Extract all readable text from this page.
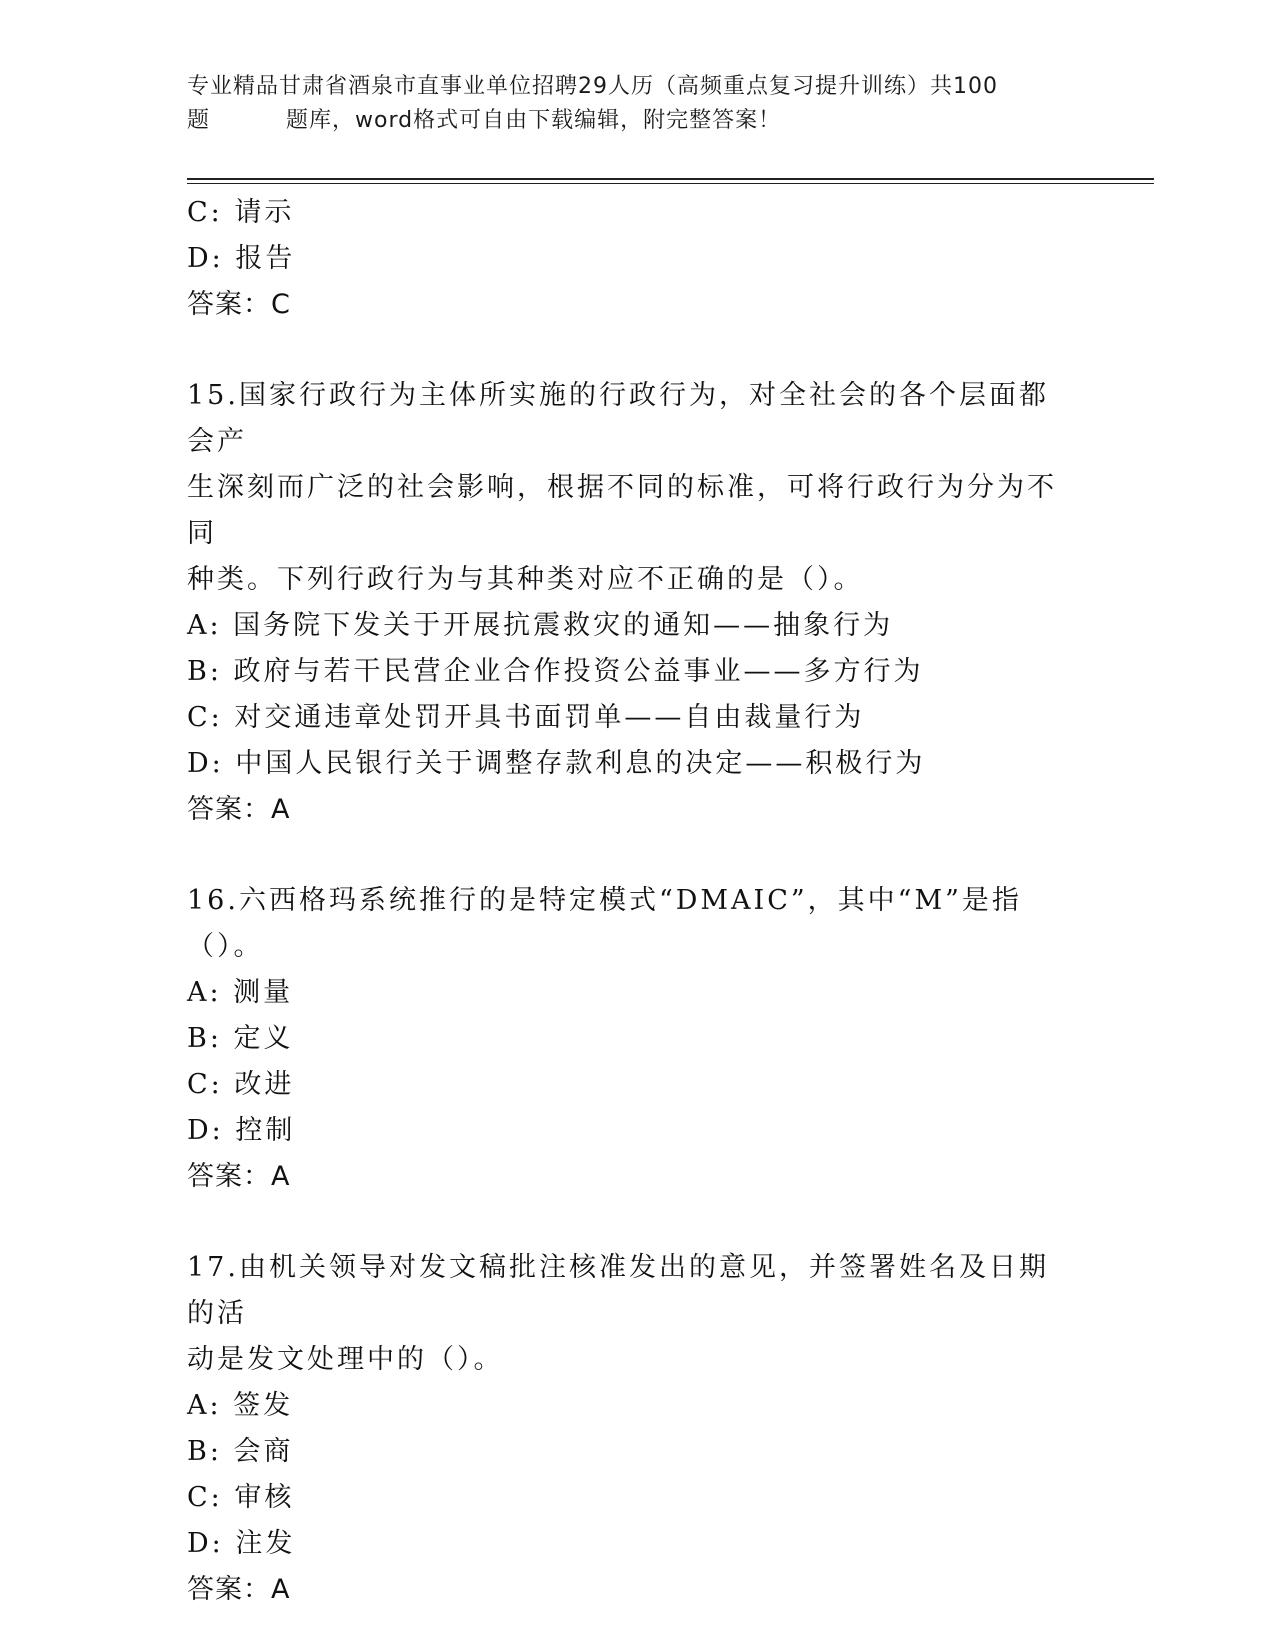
专业精品甘肃省酒泉市直事业单位招聘29人历（高频重点复习提升训练）共100
题	题库，word格式可自由下载编辑，附完整答案！

C: 请示

D: 报告

答案：C

15.国家行政行为主体所实施的行政行为，对全社会的各个层面都会产

生深刻而广泛的社会影响，根据不同的标准，可将行政行为分为不同

种类。下列行政行为与其种类对应不正确的是（）。

A: 国务院下发关于开展抗震救灾的通知——抽象行为

B: 政府与若干民营企业合作投资公益事业——多方行为

C: 对交通违章处罚开具书面罚单——自由裁量行为

D: 中国人民银行关于调整存款利息的决定——积极行为

答案：A

16.六西格玛系统推行的是特定模式“DMAIC”，其中“M”是指（）。

A: 测量

B: 定义

C: 改进

D: 控制

答案：A

17.由机关领导对发文稿批注核准发出的意见，并签署姓名及日期的活

动是发文处理中的（）。

A: 签发

B: 会商

C: 审核

D: 注发

答案：A
